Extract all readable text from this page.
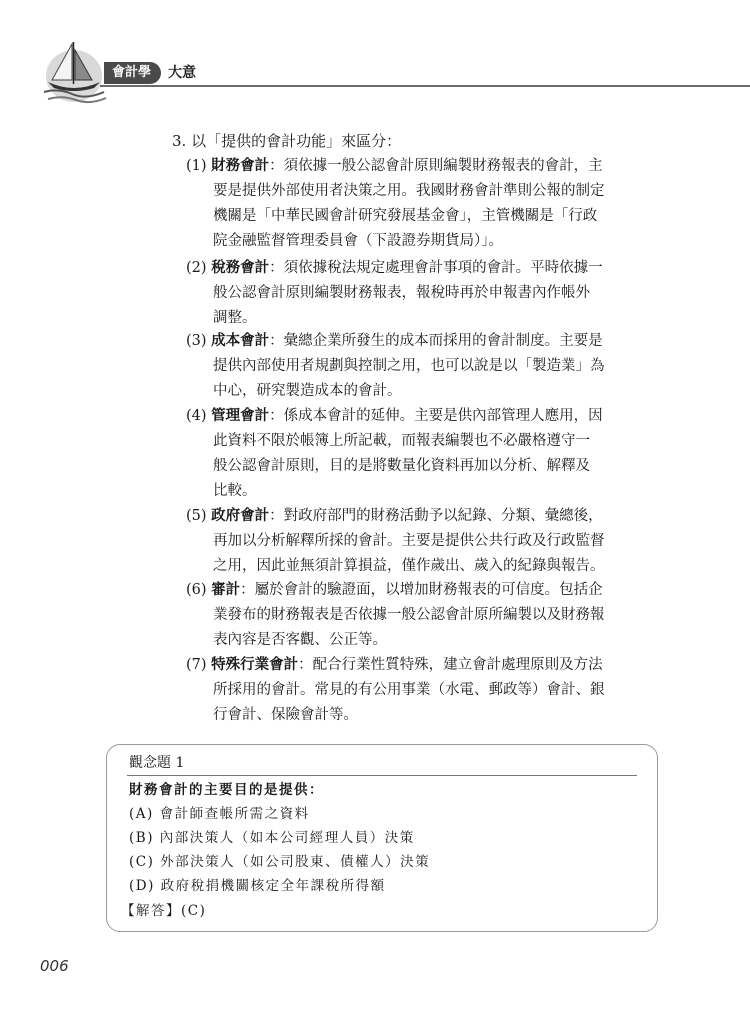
會計學	大意
3. 以「提供的會計功能」來區分：
(1) 財務會計：須依據一般公認會計原則編製財務報表的會計，主
要是提供外部使用者決策之用。我國財務會計準則公報的制定
機關是「中華民國會計研究發展基金會」，主管機關是「行政
院金融監督管理委員會（下設證券期貨局）」。
(2) 稅務會計：須依據稅法規定處理會計事項的會計。平時依據一
般公認會計原則編製財務報表，報稅時再於申報書內作帳外
調整。
(3) 成本會計：彙總企業所發生的成本而採用的會計制度。主要是
提供內部使用者規劃與控制之用，也可以說是以「製造業」為
中心，研究製造成本的會計。
(4) 管理會計：係成本會計的延伸。主要是供內部管理人應用，因
此資料不限於帳簿上所記載，而報表編製也不必嚴格遵守一
般公認會計原則，目的是將數量化資料再加以分析、解釋及
比較。
(5) 政府會計：對政府部門的財務活動予以紀錄、分類、彙總後，
再加以分析解釋所採的會計。主要是提供公共行政及行政監督
之用，因此並無須計算損益，僅作歲出、歲入的紀錄與報告。
(6) 審計：屬於會計的驗證面，以增加財務報表的可信度。包括企
業發布的財務報表是否依據一般公認會計原所編製以及財務報
表內容是否客觀、公正等。
(7) 特殊行業會計：配合行業性質特殊，建立會計處理原則及方法
所採用的會計。常見的有公用事業（水電、郵政等）會計、銀
行會計、保險會計等。
觀念題 1
財務會計的主要目的是提供：
(A) 會計師查帳所需之資料
(B) 內部決策人（如本公司經理人員）決策
(C) 外部決策人（如公司股東、債權人）決策
(D) 政府稅捐機關核定全年課稅所得額
【解答】(C)
006
